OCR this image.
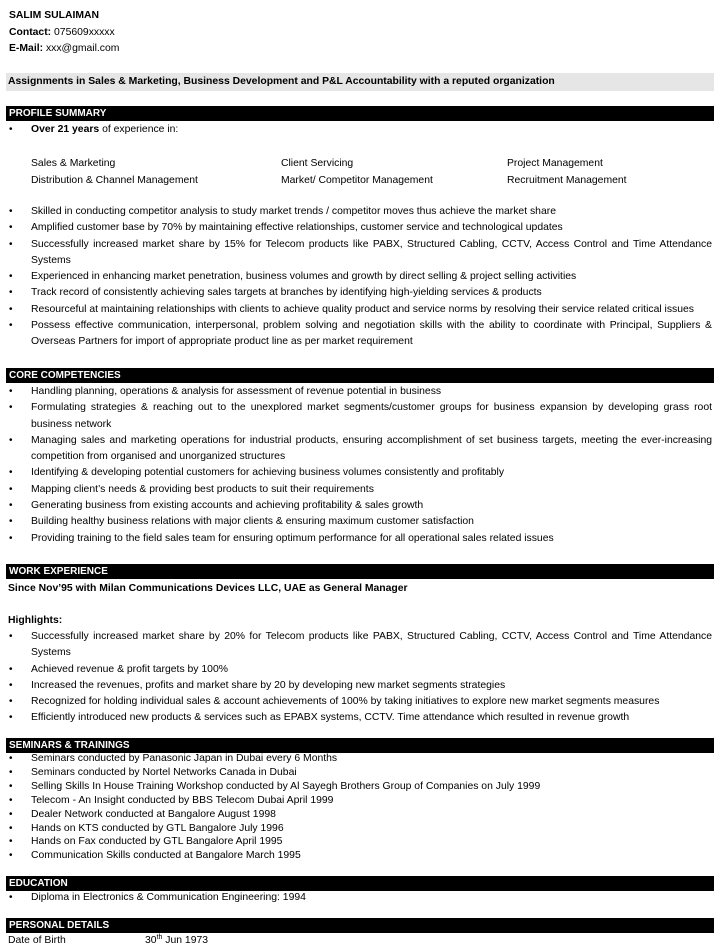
SALIM SULAIMAN
Contact: 075609xxxxx
E-Mail: xxx@gmail.com
Assignments in Sales & Marketing, Business Development and P&L Accountability with a reputed organization
PROFILE SUMMARY
• Over 21 years of experience in:
Sales & Marketing	Client Servicing	Project Management
Distribution & Channel Management	Market/ Competitor Management	Recruitment Management
• Skilled in conducting competitor analysis to study market trends / competitor moves thus achieve the market share
• Amplified customer base by 70% by maintaining effective relationships, customer service and technological updates
• Successfully increased market share by 15% for Telecom products like PABX, Structured Cabling, CCTV, Access Control and Time Attendance Systems
• Experienced in enhancing market penetration, business volumes and growth by direct selling & project selling activities
• Track record of consistently achieving sales targets at branches by identifying high-yielding services & products
• Resourceful at maintaining relationships with clients to achieve quality product and service norms by resolving their service related critical issues
• Possess effective communication, interpersonal, problem solving and negotiation skills with the ability to coordinate with Principal, Suppliers & Overseas Partners for import of appropriate product line as per market requirement
CORE COMPETENCIES
• Handling planning, operations & analysis for assessment of revenue potential in business
• Formulating strategies & reaching out to the unexplored market segments/customer groups for business expansion by developing grass root business network
• Managing sales and marketing operations for industrial products, ensuring accomplishment of set business targets, meeting the ever-increasing competition from organised and unorganized structures
• Identifying & developing potential customers for achieving business volumes consistently and profitably
• Mapping client’s needs & providing best products to suit their requirements
• Generating business from existing accounts and achieving profitability & sales growth
• Building healthy business relations with major clients & ensuring maximum customer satisfaction
• Providing training to the field sales team for ensuring optimum performance for all operational sales related issues
WORK EXPERIENCE
Since Nov’95 with Milan Communications Devices LLC, UAE as General Manager
Highlights:
• Successfully increased market share by 20% for Telecom products like PABX, Structured Cabling, CCTV, Access Control and Time Attendance Systems
• Achieved revenue & profit targets by 100%
• Increased the revenues, profits and market share by 20 by developing new market segments strategies
• Recognized for holding individual sales & account achievements of 100% by taking initiatives to explore new market segments measures
• Efficiently introduced new products & services such as EPABX systems, CCTV. Time attendance which resulted in revenue growth
SEMINARS & TRAININGS
• Seminars conducted by Panasonic Japan in Dubai every 6 Months
• Seminars conducted by Nortel Networks Canada in Dubai
• Selling Skills In House Training Workshop conducted by Al Sayegh Brothers Group of Companies on July 1999
• Telecom - An Insight conducted by BBS Telecom Dubai April 1999
• Dealer Network conducted at Bangalore August 1998
• Hands on KTS conducted by GTL Bangalore July 1996
• Hands on Fax conducted by GTL Bangalore April 1995
• Communication Skills conducted at Bangalore March 1995
EDUCATION
• Diploma in Electronics & Communication Engineering: 1994
PERSONAL DETAILS
Date of Birth	30th Jun 1973
